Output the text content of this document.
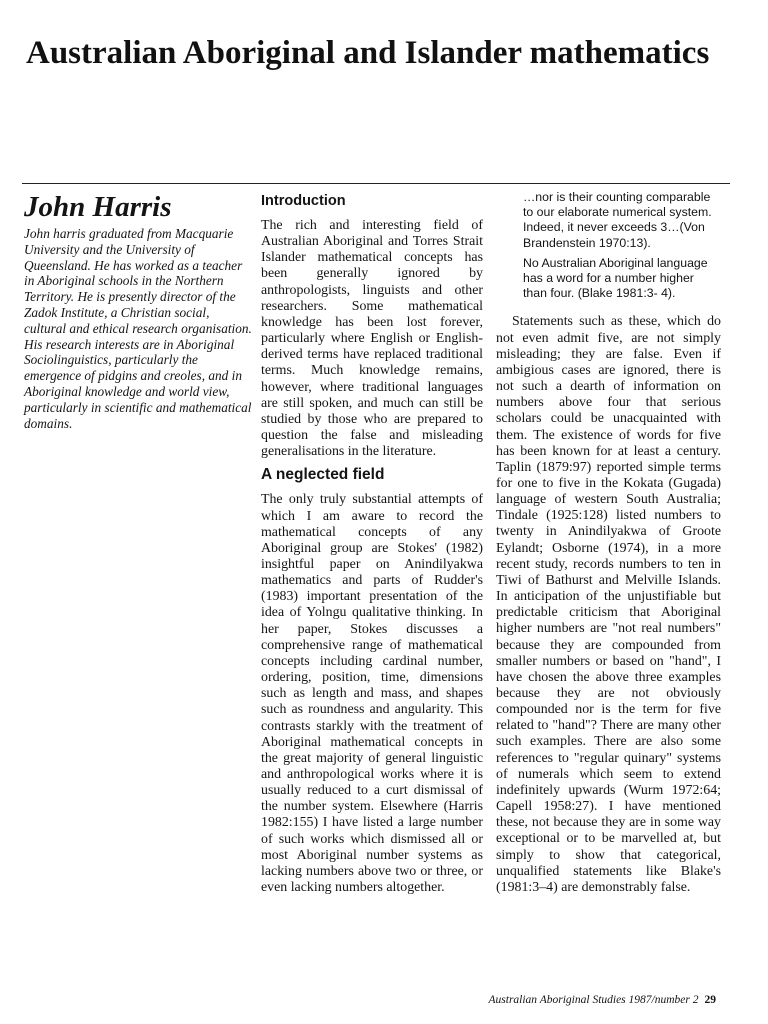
Australian Aboriginal and Islander mathematics
John Harris

John harris graduated from Macquarie University and the University of Queensland. He has worked as a teacher in Aboriginal schools in the Northern Territory. He is presently director of the Zadok Institute, a Christian social, cultural and ethical research organisation. His research interests are in Aboriginal Sociolinguistics, particularly the emergence of pidgins and creoles, and in Aboriginal knowledge and world view, particularly in scientific and mathematical domains.

Introduction

The rich and interesting field of Australian Aboriginal and Torres Strait Islander mathematical concepts has been generally ignored by anthropologists, linguists and other researchers. Some mathematical knowledge has been lost forever, particularly where English or English- derived terms have replaced traditional terms. Much knowledge remains, however, where traditional languages are still spoken, and much can still be studied by those who are prepared to question the false and misleading generalisations in the literature.

A neglected field

The only truly substantial attempts of which I am aware to record the mathematical concepts of any Aboriginal group are Stokes' (1982) insightful paper on Anindilyakwa mathematics and parts of Rudder's (1983) important presentation of the idea of Yolngu qualitative thinking. In her paper, Stokes discusses a comprehensive range of mathematical concepts including cardinal number, ordering, position, time, dimensions such as length and mass, and shapes such as roundness and angularity. This contrasts starkly with the treatment of Aboriginal mathematical concepts in the great majority of general linguistic and anthropological works where it is usually reduced to a curt dismissal of the number system. Elsewhere (Harris 1982:155) I have listed a large number of such works which dismissed all or most Aboriginal number systems as lacking numbers above two or three, or even lacking numbers altogether.

…nor is their counting comparable to our elaborate numerical system. Indeed, it never exceeds 3…(Von Brandenstein 1970:13).

No Australian Aboriginal language has a word for a number higher than four. (Blake 1981:3- 4).

Statements such as these, which do not even admit five, are not simply misleading; they are false. Even if ambigious cases are ignored, there is not such a dearth of information on numbers above four that serious scholars could be unacquainted with them. The existence of words for five has been known for at least a century. Taplin (1879:97) reported simple terms for one to five in the Kokata (Gugada) language of western South Australia; Tindale (1925:128) listed numbers to twenty in Anindilyakwa of Groote Eylandt; Osborne (1974), in a more recent study, records numbers to ten in Tiwi of Bathurst and Melville Islands. In anticipation of the unjustifiable but predictable criticism that Aboriginal higher numbers are "not real numbers" because they are compounded from smaller numbers or based on "hand", I have chosen the above three examples because they are not obviously compounded nor is the term for five related to "hand"? There are many other such examples. There are also some references to "regular quinary" systems of numerals which seem to extend indefinitely upwards (Wurm 1972:64; Capell 1958:27). I have mentioned these, not because they are in some way exceptional or to be marvelled at, but simply to show that categorical, unqualified statements like Blake's (1981:3–4) are demonstrably false.

Australian Aboriginal Studies 1987/number 2 29
